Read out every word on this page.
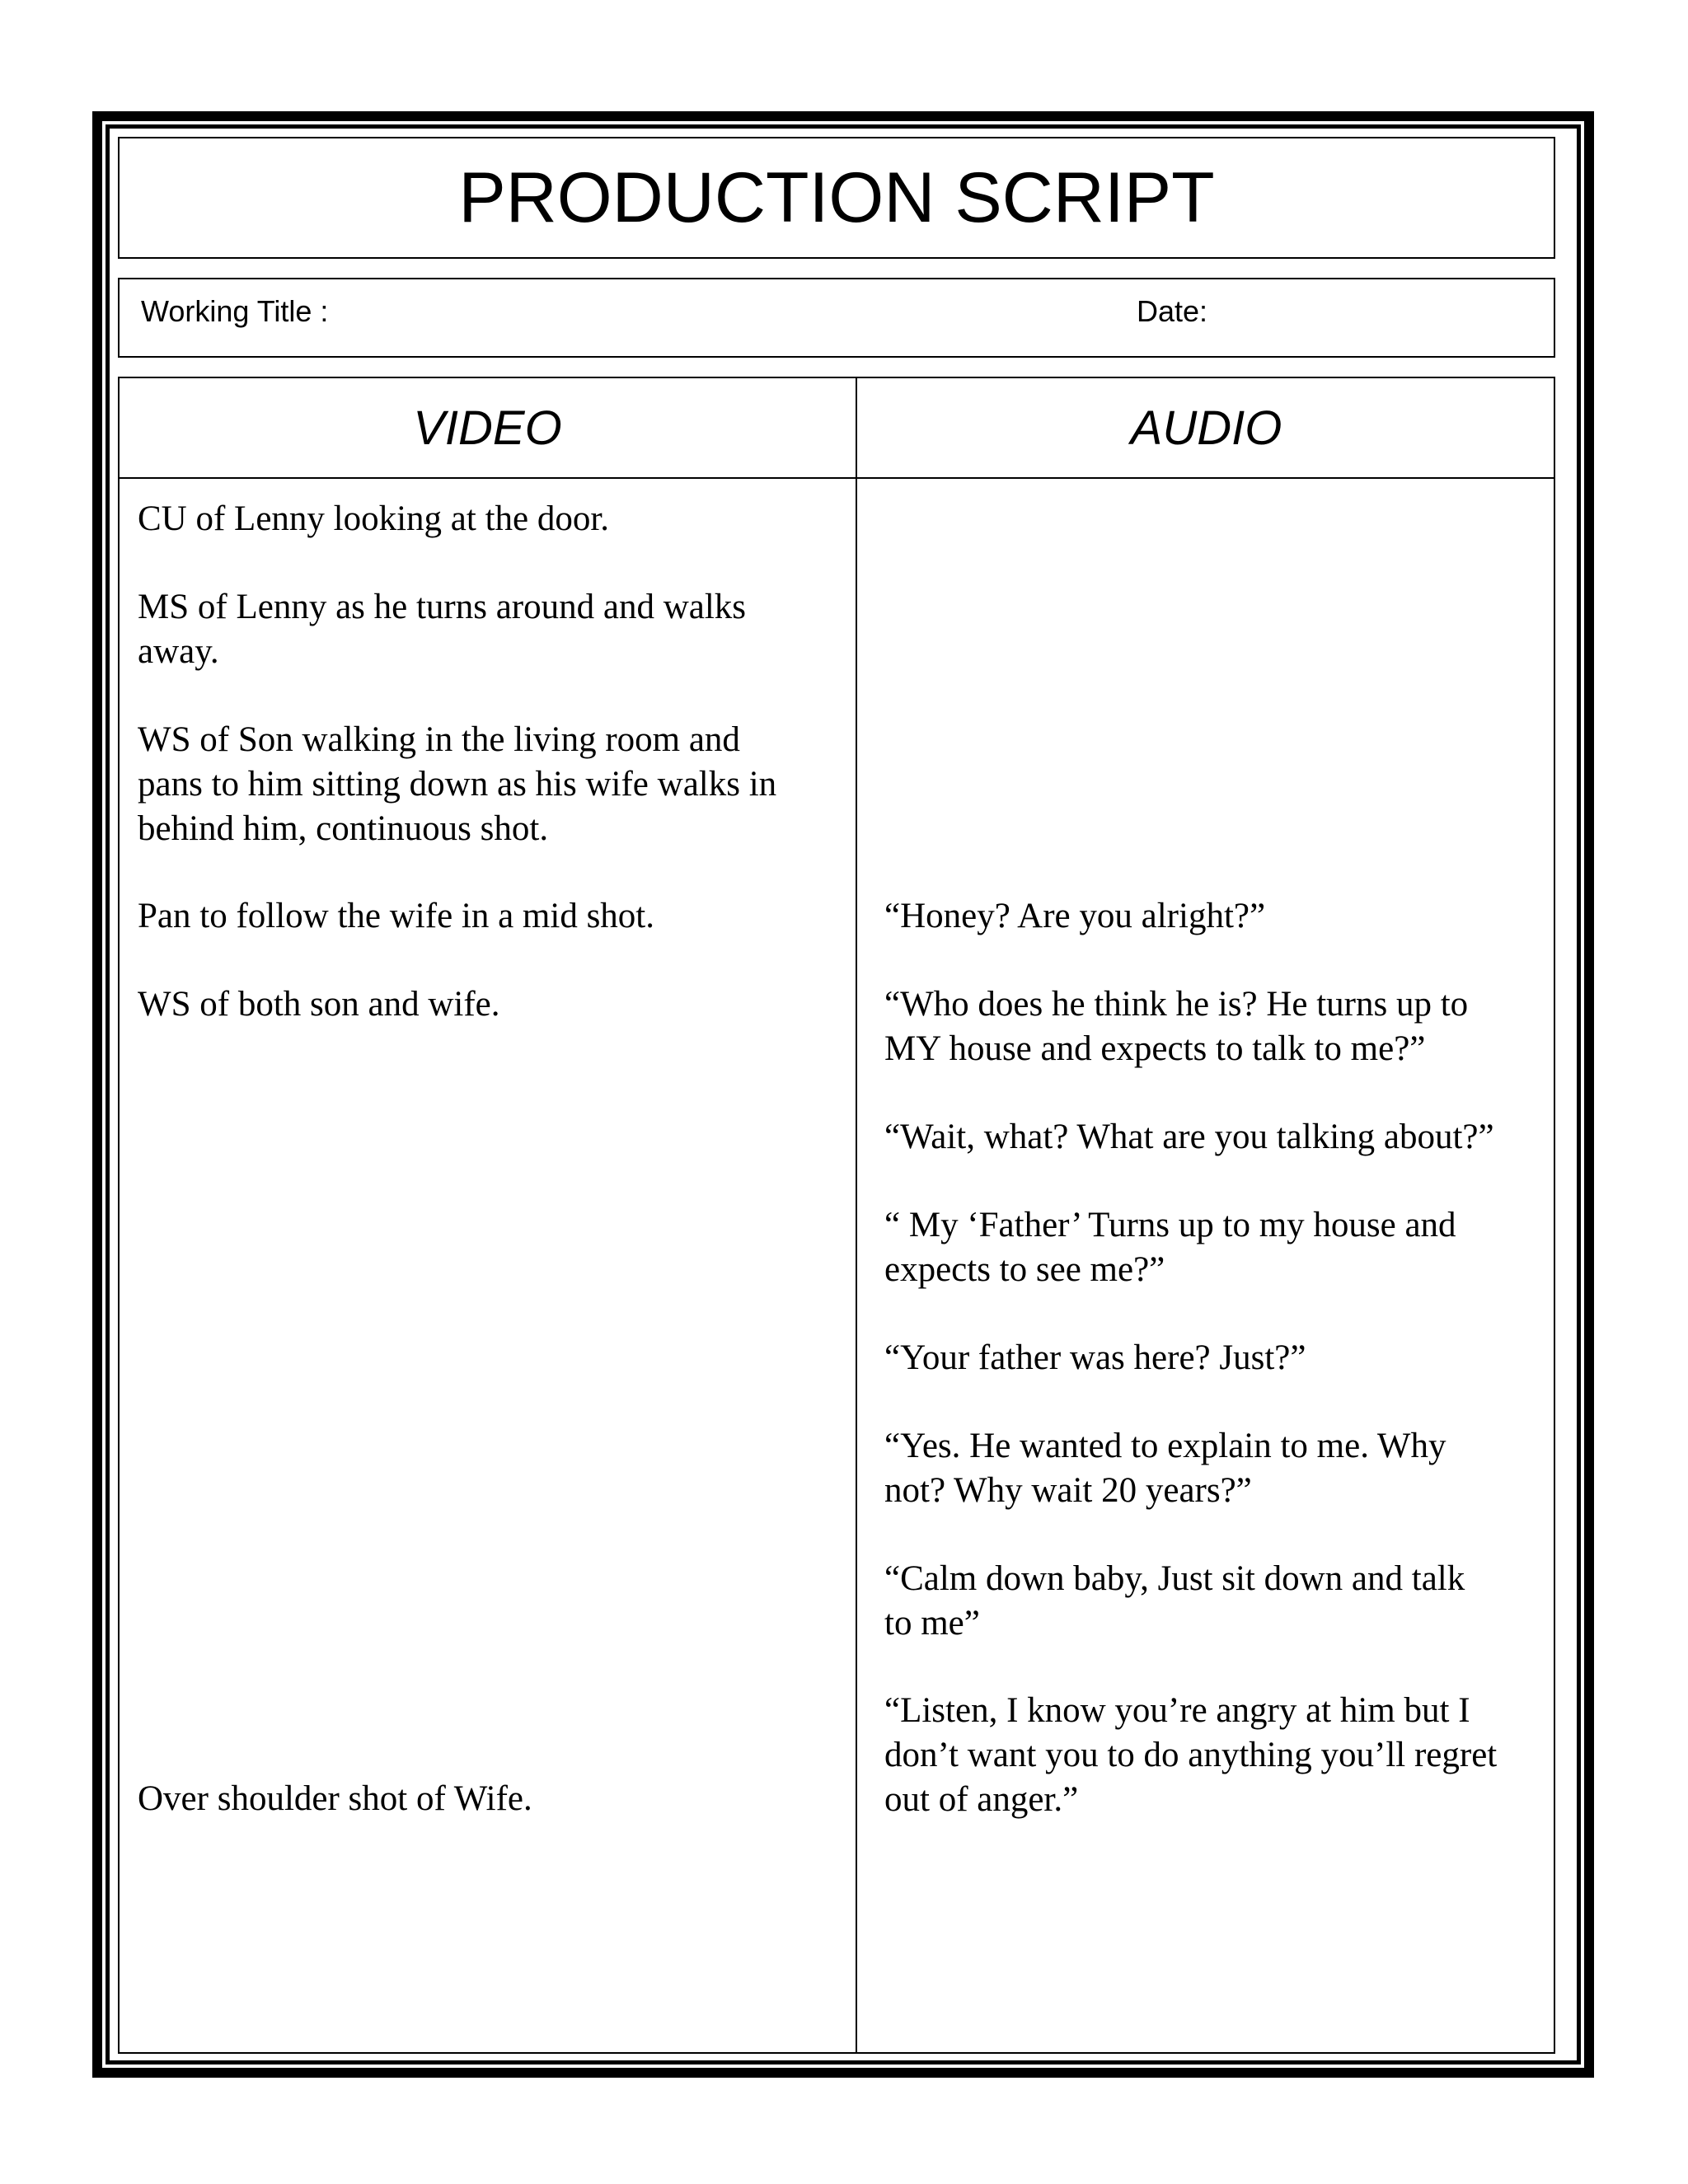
PRODUCTION SCRIPT
Working Title :	Date:
VIDEO	AUDIO
CU of Lenny looking at the door.
MS of Lenny as he turns around and walks
away.
WS of Son walking in the living room and
pans to him sitting down as his wife walks in
behind him, continuous shot.
Pan to follow the wife in a mid shot.
WS of both son and wife.
Over shoulder shot of Wife.
“Honey? Are you alright?”
“Who does he think he is? He turns up to
MY house and expects to talk to me?”
“Wait, what? What are you talking about?”
“ My ‘Father’ Turns up to my house and
expects to see me?”
“Your father was here? Just?”
“Yes. He wanted to explain to me. Why
not? Why wait 20 years?”
“Calm down baby, Just sit down and talk
to me”
“Listen, I know you’re angry at him but I
don’t want you to do anything you’ll regret
out of anger.”
